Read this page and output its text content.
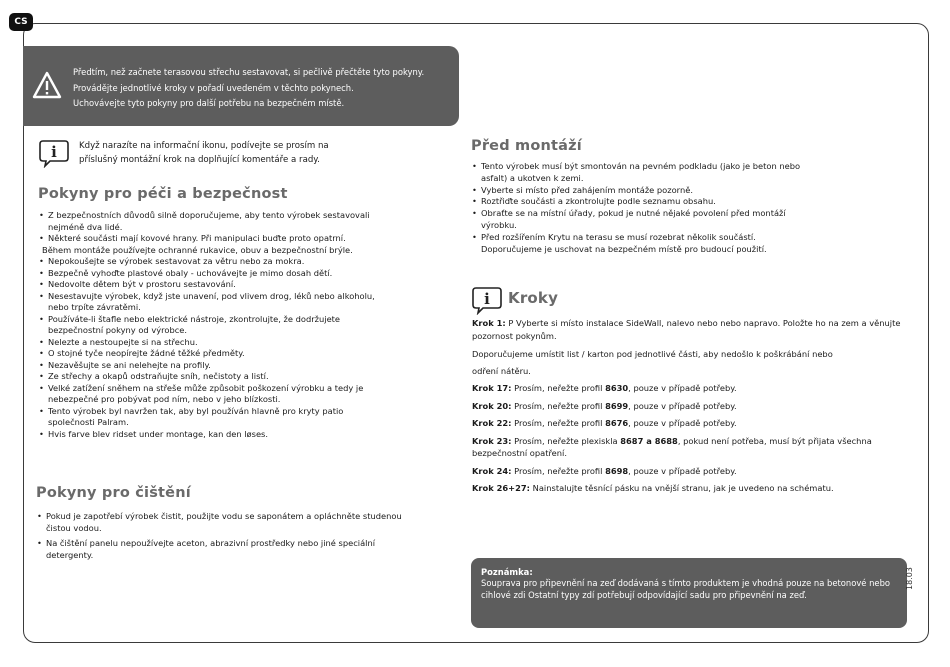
CS
Předtím, než začnete terasovou střechu sestavovat, si pečlivě přečtěte tyto pokyny.
Provádějte jednotlivé kroky v pořadí uvedeném v těchto pokynech.
Uchovávejte tyto pokyny pro další potřebu na bezpečném místě.
i	Když narazíte na informační ikonu, podívejte se prosím na
příslušný montážní krok na doplňující komentáře a rady.
Pokyny pro péči a bezpečnost
• Z bezpečnostních důvodů silně doporučujeme, aby tento výrobek sestavovali
nejméně dva lidé.
• Některé součásti mají kovové hrany. Při manipulaci buďte proto opatrní.
Během montáže používejte ochranné rukavice, obuv a bezpečnostní brýle.
• Nepokoušejte se výrobek sestavovat za větru nebo za mokra.
• Bezpečně vyhoďte plastové obaly - uchovávejte je mimo dosah dětí.
• Nedovolte dětem být v prostoru sestavování.
• Nesestavujte výrobek, když jste unavení, pod vlivem drog, léků nebo alkoholu,
nebo trpíte závratěmi.
• Používáte-li štafle nebo elektrické nástroje, zkontrolujte, že dodržujete
bezpečnostní pokyny od výrobce.
• Nelezte a nestoupejte si na střechu.
• O stojné tyče neopírejte žádné těžké předměty.
• Nezavěšujte se ani nelehejte na profily.
• Ze střechy a okapů odstraňujte sníh, nečistoty a listí.
• Velké zatížení sněhem na střeše může způsobit poškození výrobku a tedy je
nebezpečné pro pobývat pod ním, nebo v jeho blízkosti.
• Tento výrobek byl navržen tak, aby byl používán hlavně pro kryty patio
společnosti Palram.
• Hvis farve blev ridset under montage, kan den løses.
Pokyny pro čištění
• Pokud je zapotřebí výrobek čistit, použijte vodu se saponátem a opláchněte studenou čistou vodou.
• Na čištění panelu nepoužívejte aceton, abrazivní prostředky nebo jiné speciální detergenty.
Před montáží
• Tento výrobek musí být smontován na pevném podkladu (jako je beton nebo
asfalt) a ukotven k zemi.
• Vyberte si místo před zahájením montáže pozorně.
• Roztřiďte součásti a zkontrolujte podle seznamu obsahu.
• Obraťte se na místní úřady, pokud je nutné nějaké povolení před montáží
výrobku.
• Před rozšířením Krytu na terasu se musí rozebrat několik součástí.
Doporučujeme je uschovat na bezpečném místě pro budoucí použití.
i Kroky

Krok 1: P Vyberte si místo instalace SideWall, nalevo nebo nebo napravo. Položte ho na zem a věnujte pozornost pokynům.

Doporučujeme umístit list / karton pod jednotlivé části, aby nedošlo k poškrábání nebo

odření nátěru.

Krok 17: Prosím, neřežte profil 8630, pouze v případě potřeby.

Krok 20: Prosím, neřežte profil 8699, pouze v případě potřeby.

Krok 22: Prosím, neřežte profil 8676, pouze v případě potřeby.

Krok 23: Prosím, neřežte plexiskla 8687 a 8688, pokud není potřeba, musí být přijata všechna bezpečnostní opatření.

Krok 24: Prosím, neřežte profil 8698, pouze v případě potřeby.

Krok 26+27: Nainstalujte těsnící pásku na vnější stranu, jak je uvedeno na schématu.

Poznámka:
Souprava pro připevnění na zeď dodávaná s tímto produktem je vhodná pouze na betonové nebo cihlové zdi Ostatní typy zdí potřebují odpovídající sadu pro připevnění na zeď.
18.03
